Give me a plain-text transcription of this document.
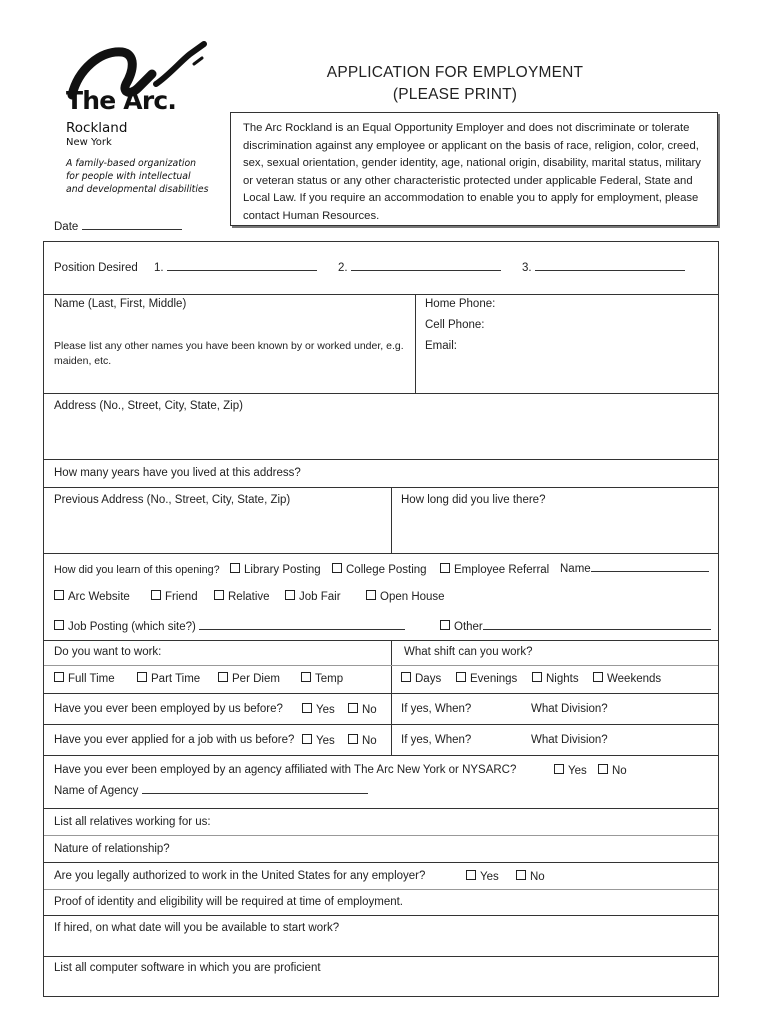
The Arc.
Rockland
New York
A family-based organization
for people with intellectual
and developmental disabilities
APPLICATION FOR EMPLOYMENT
(PLEASE PRINT)
The Arc Rockland is an Equal Opportunity Employer and does not discriminate or tolerate discrimination against any employee or applicant on the basis of race, religion, color, creed, sex, sexual orientation, gender identity, age, national origin, disability, marital status, military or veteran status or any other characteristic protected under applicable Federal, State and Local Law. If you require an accommodation to enable you to apply for employment, please contact Human Resources.
Date
Position Desired 1.	2.	3.
Name (Last, First, Middle)
Please list any other names you have been known by or worked under, e.g. maiden, etc.
Home Phone:
Cell Phone:
Email:
Address (No., Street, City, State, Zip)
How many years have you lived at this address?
Previous Address (No., Street, City, State, Zip)	How long did you live there?
How did you learn of this opening?	Library Posting	College Posting	Employee Referral Name
Arc Website	Friend	Relative	Job Fair	Open House
Job Posting (which site?)	Other
Do you want to work:	What shift can you work?
Full Time	Part Time	Per Diem	Temp	Days	Evenings	Nights	Weekends
Have you ever been employed by us before?	Yes	No If yes, When?	What Division?
Have you ever applied for a job with us before?	Yes	No If yes, When?	What Division?
Have you ever been employed by an agency affiliated with The Arc New York or NYSARC?	Yes	No
Name of Agency
List all relatives working for us:
Nature of relationship?
Are you legally authorized to work in the United States for any employer?	Yes	No
Proof of identity and eligibility will be required at time of employment.
If hired, on what date will you be available to start work?
List all computer software in which you are proficient
